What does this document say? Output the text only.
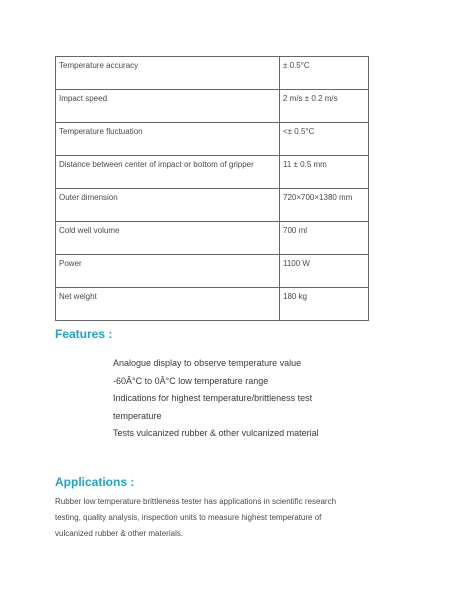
Temperature accuracy	± 0.5°C
Impact speed	2 m/s ± 0.2 m/s
Temperature fluctuation	<± 0.5°C
Distance between center of impact or bottom of gripper	11 ± 0.5 mm
Outer dimension	720×700×1380 mm
Cold well volume	700 ml
Power	1100 W
Net weight	180 kg
Features :
Analogue display to observe temperature value
-60Â°C to 0Â°C low temperature range
Indications for highest temperature/brittleness test temperature
Tests vulcanized rubber & other vulcanized material
Applications :

Rubber low temperature brittleness tester has applications in scientific research testing, quality analysis, inspection units to measure highest temperature of vulcanized rubber & other materials.
